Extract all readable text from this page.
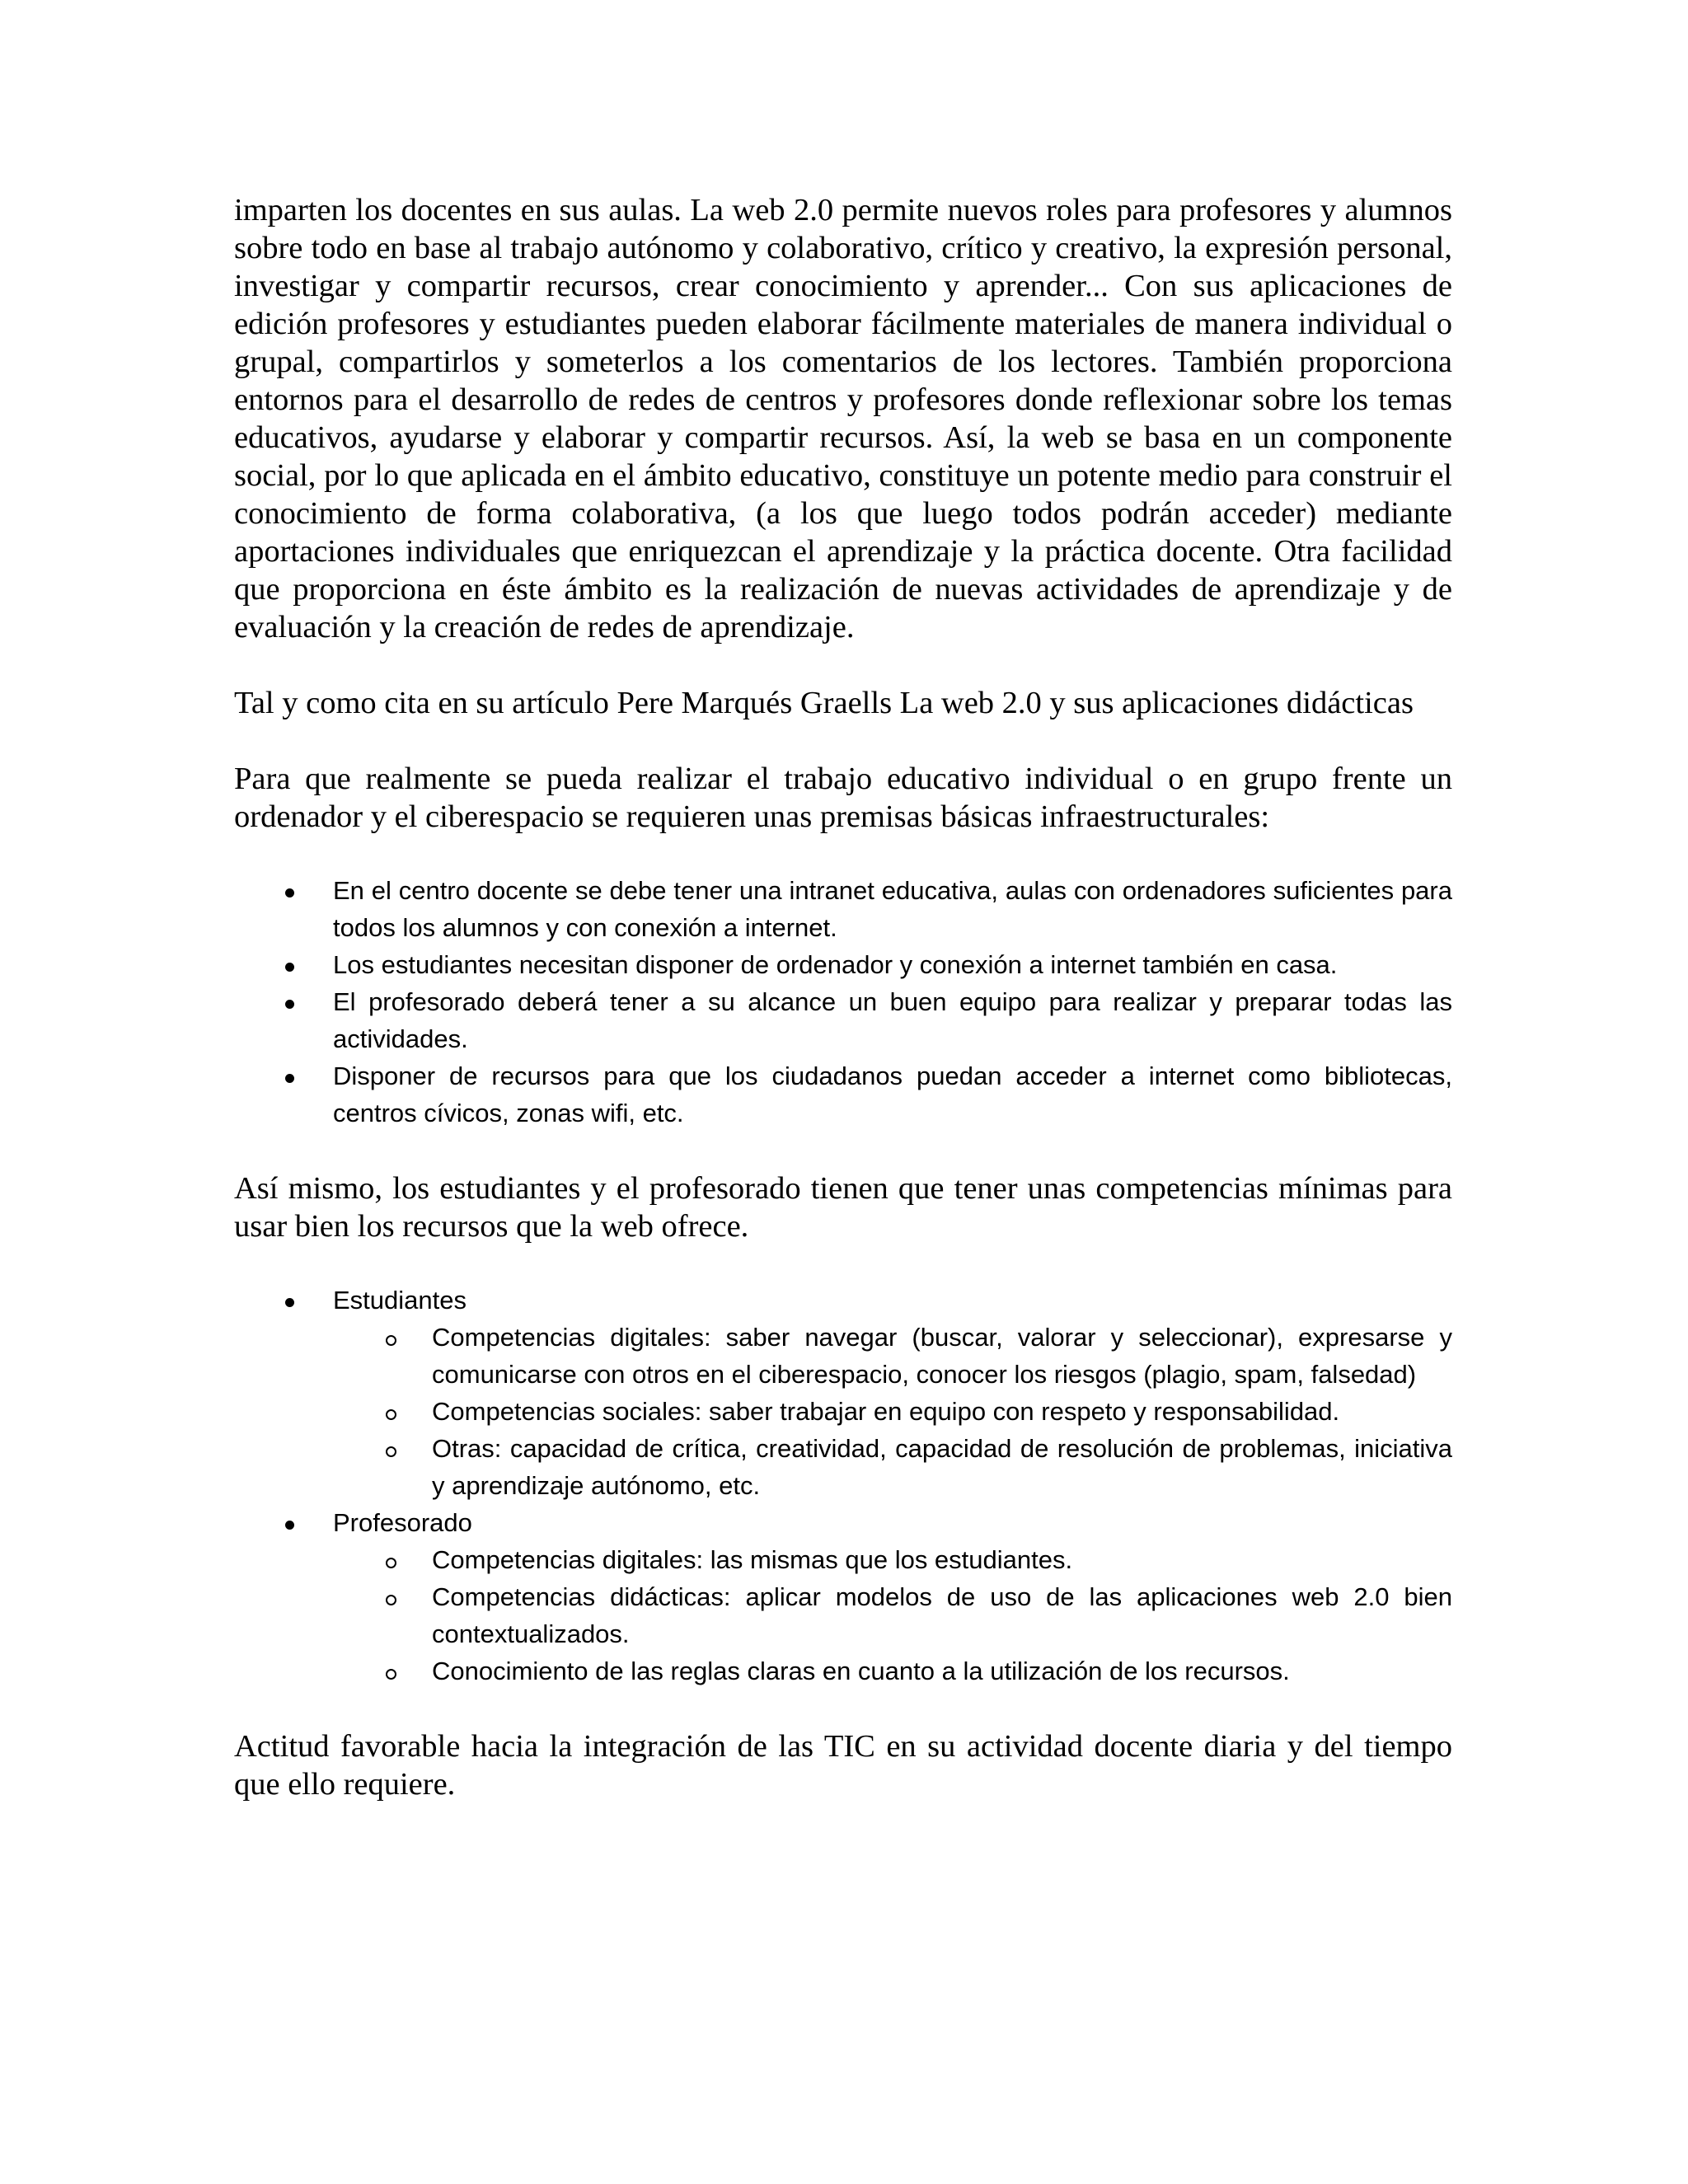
imparten los docentes en sus aulas. La web 2.0 permite nuevos roles para profesores y alumnos sobre todo en base al trabajo autónomo y colaborativo, crítico y creativo, la expresión personal, investigar y compartir recursos, crear conocimiento y aprender... Con sus aplicaciones de edición profesores y estudiantes pueden elaborar fácilmente materiales de manera individual o grupal, compartirlos y someterlos a los comentarios de los lectores. También proporciona entornos para el desarrollo de redes de centros y profesores donde reflexionar sobre los temas educativos, ayudarse y elaborar y compartir recursos. Así, la web se basa en un componente social, por lo que aplicada en el ámbito educativo, constituye un potente medio para construir el conocimiento de forma colaborativa, (a los que luego todos podrán acceder) mediante aportaciones individuales que enriquezcan el aprendizaje y la práctica docente. Otra facilidad que proporciona en éste ámbito es la realización de nuevas actividades de aprendizaje y de evaluación y la creación de redes de aprendizaje.

Tal y como cita en su artículo Pere Marqués Graells La web 2.0 y sus aplicaciones didácticas

Para que realmente se pueda realizar el trabajo educativo individual o en grupo frente un ordenador y el ciberespacio se requieren unas premisas básicas infraestructurales:

En el centro docente se debe tener una intranet educativa, aulas con ordenadores suficientes para todos los alumnos y con conexión a internet.
Los estudiantes necesitan disponer de ordenador y conexión a internet también en casa.
El profesorado deberá tener a su alcance un buen equipo para realizar y preparar todas las actividades.
Disponer de recursos para que los ciudadanos puedan acceder a internet como bibliotecas, centros cívicos, zonas wifi, etc.

Así mismo, los estudiantes y el profesorado tienen que tener unas competencias mínimas para usar bien los recursos que la web ofrece.

Estudiantes
Competencias digitales: saber navegar (buscar, valorar y seleccionar), expresarse y comunicarse con otros en el ciberespacio, conocer los riesgos (plagio, spam, falsedad)
Competencias sociales: saber trabajar en equipo con respeto y responsabilidad.
Otras: capacidad de crítica, creatividad, capacidad de resolución de problemas, iniciativa y aprendizaje autónomo, etc.
Profesorado
Competencias digitales: las mismas que los estudiantes.
Competencias didácticas: aplicar modelos de uso de las aplicaciones web 2.0 bien contextualizados.
Conocimiento de las reglas claras en cuanto a la utilización de los recursos.

Actitud favorable hacia la integración de las TIC en su actividad docente diaria y del tiempo que ello requiere.
